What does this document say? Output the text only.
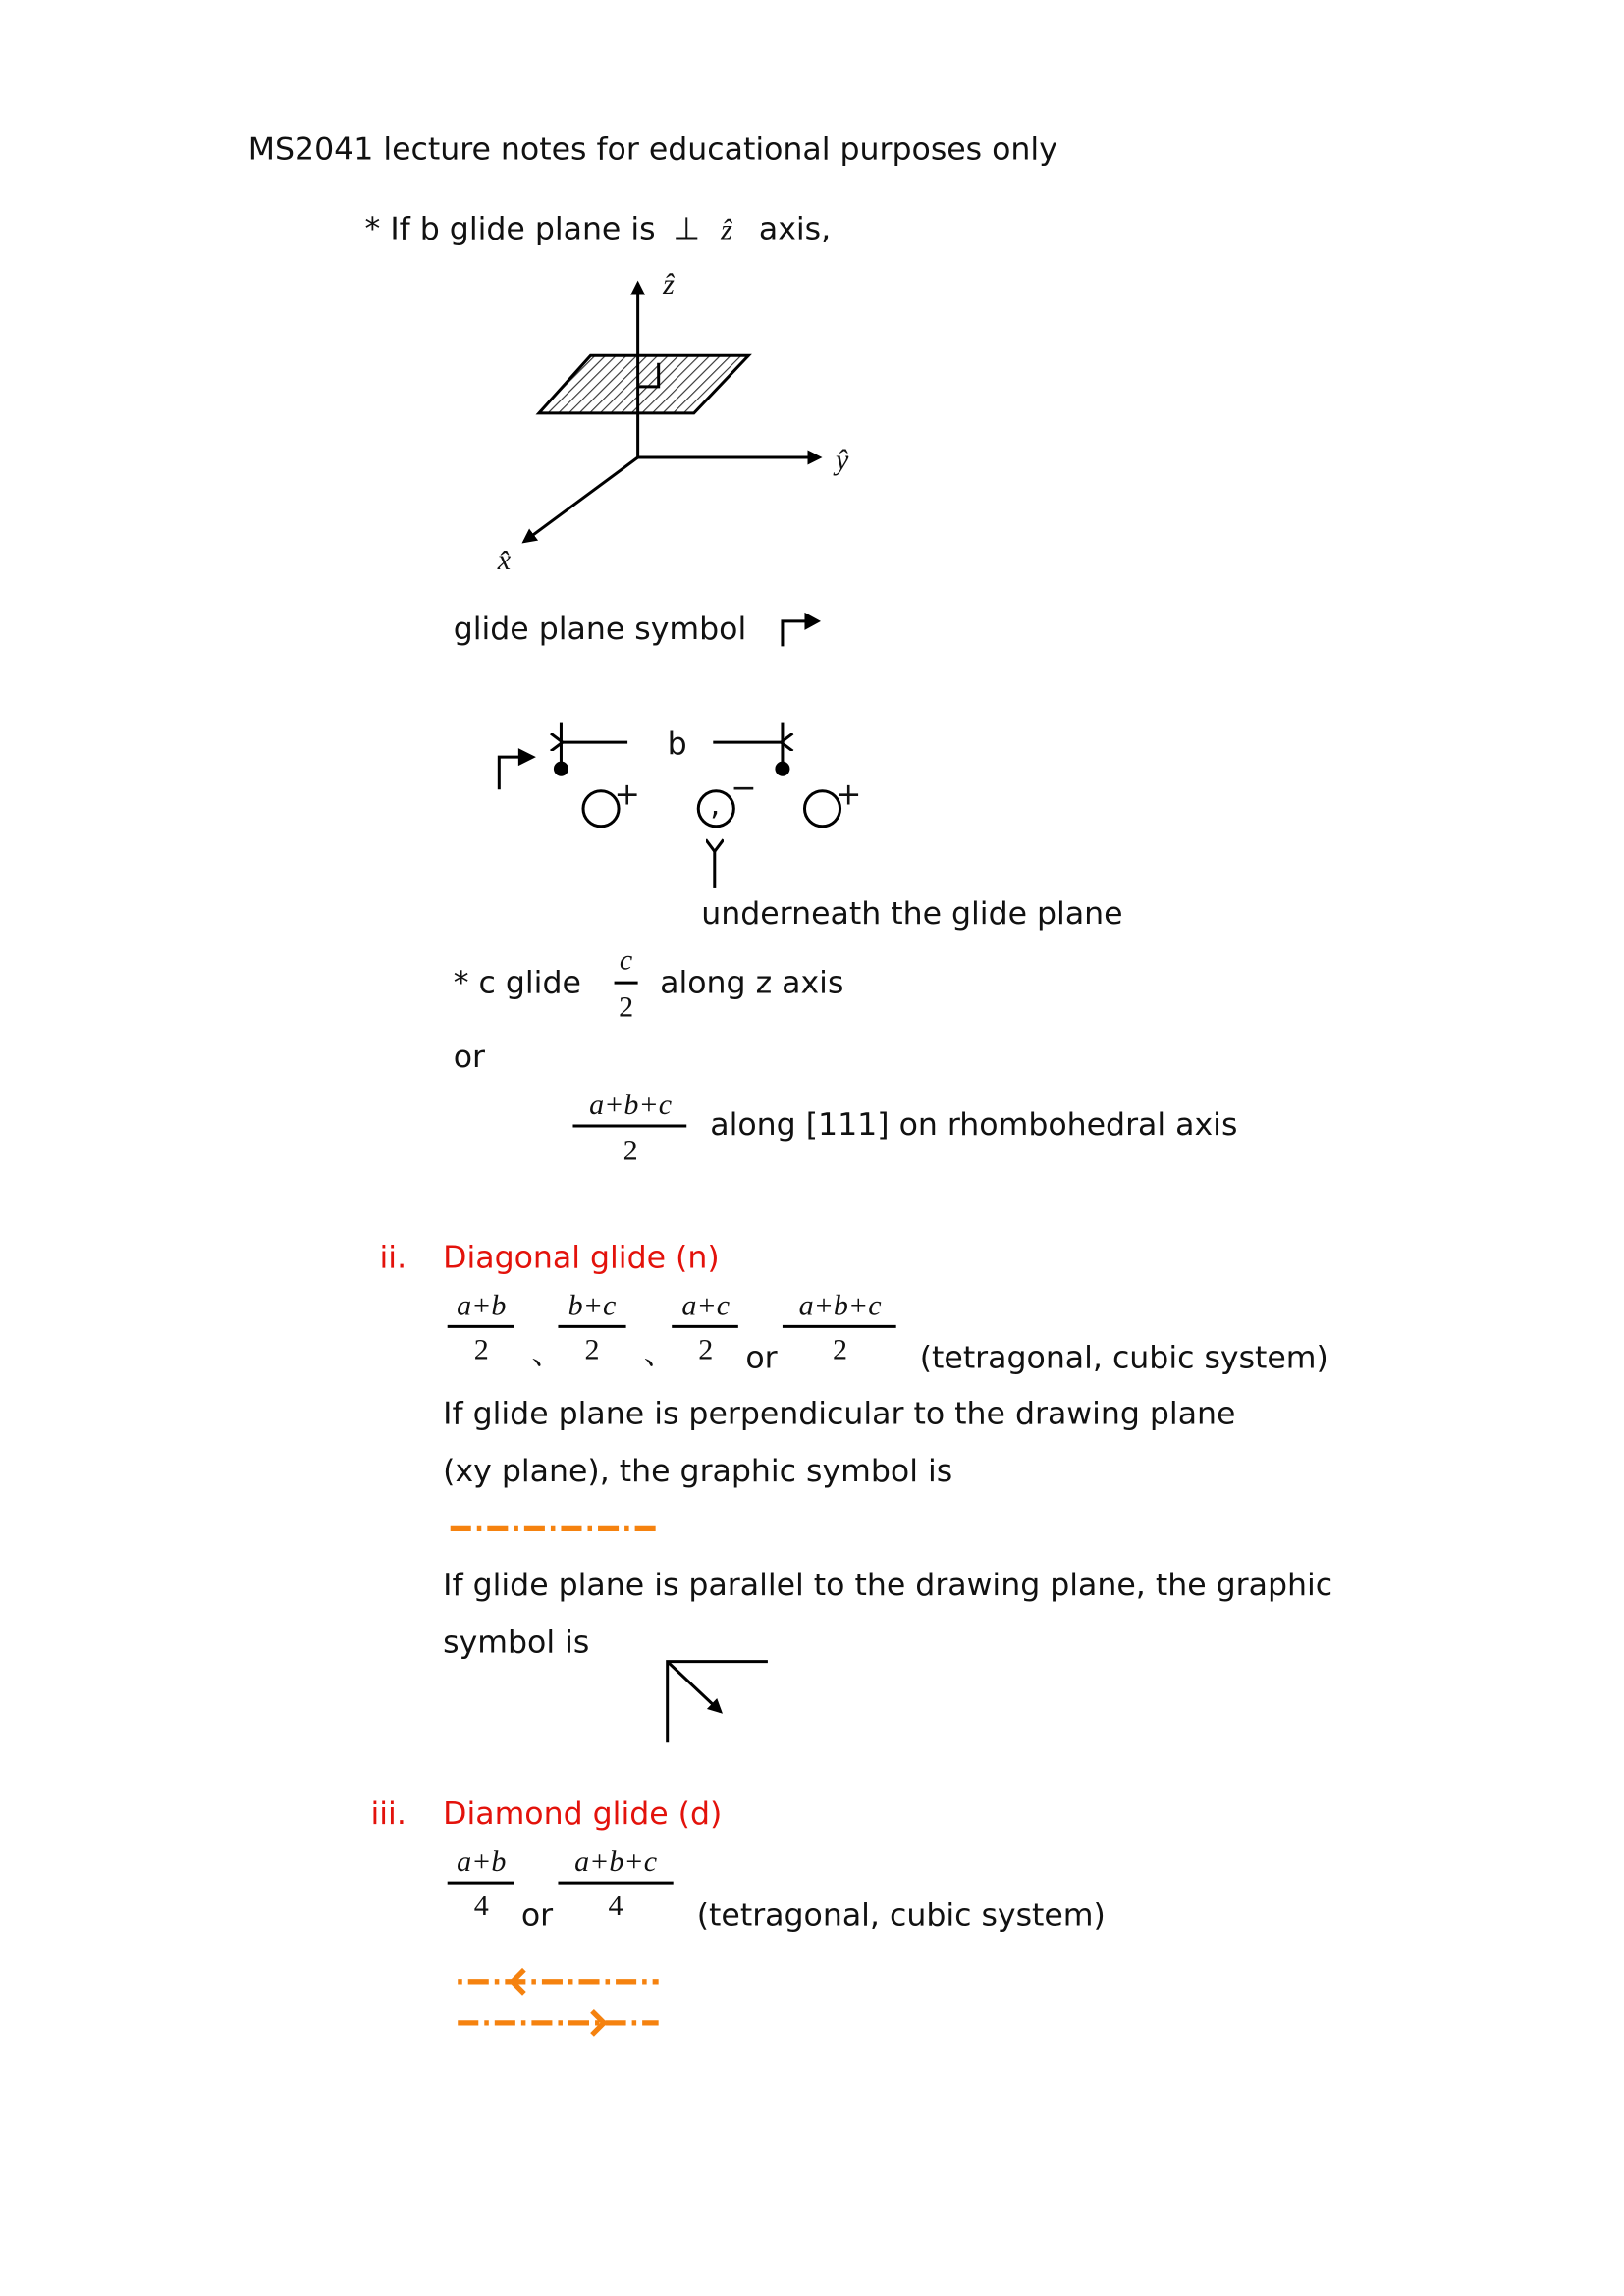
MS2041 lecture notes for educational purposes only
* If b glide plane is ⊥ ẑ axis,
ẑ
ŷ
x̂
glide plane symbol
b
+	, −	+
underneath the glide plane
* c glide
c
2
along z axis
or
a+b+c
2
along [111] on rhombohedral axis
ii. Diagonal glide (n)
a+b
2 、
b+c
2 、
a+c
2 or
a+b+c
2	(tetragonal, cubic system)
If glide plane is perpendicular to the drawing plane
(xy plane), the graphic symbol is
If glide plane is parallel to the drawing plane, the graphic
symbol is
iii. Diamond glide (d)
a+b
4 or
a+b+c
4	(tetragonal, cubic system)
